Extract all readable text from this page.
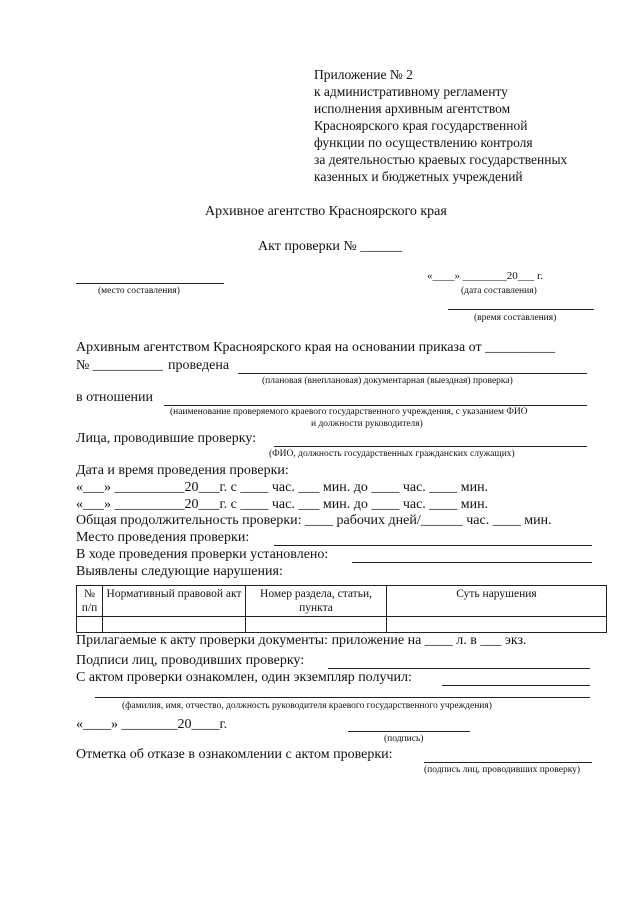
Приложение № 2
к административному регламенту
исполнения архивным агентством
Красноярского края государственной
функции по осуществлению контроля
за деятельностью краевых государственных
казенных и бюджетных учреждений
Архивное агентство Красноярского края
Акт проверки № ______
(место составления)
«____» ________20___ г.
(дата составления)
(время составления)
Архивным агентством Красноярского края на основании приказа от __________
№ __________ проведена
(плановая (внеплановая) документарная (выездная) проверка)
в отношении
(наименование проверяемого краевого государственного учреждения, с указанием ФИО
и должности руководителя)
Лица, проводившие проверку:
(ФИО, должность государственных гражданских служащих)
Дата и время проведения проверки:
«___» __________20___г. с ____ час. ___ мин. до ____ час. ____ мин.
«___» __________20___г. с ____ час. ___ мин. до ____ час. ____ мин.
Общая продолжительность проверки: ____ рабочих дней/______ час. ____ мин.
Место проведения проверки:
В ходе проведения проверки установлено:
Выявлены следующие нарушения:
№ п/п	Нормативный правовой акт	Номер раздела, статьи, пункта	Суть нарушения

Прилагаемые к акту проверки документы: приложение на ____ л. в ___ экз.
Подписи лиц, проводивших проверку:
С актом проверки ознакомлен, один экземпляр получил:
(фамилия, имя, отчество, должность руководителя краевого государственного учреждения)
«____» ________20____г.
(подпись)
Отметка об отказе в ознакомлении с актом проверки:
(подпись лиц, проводивших проверку)
